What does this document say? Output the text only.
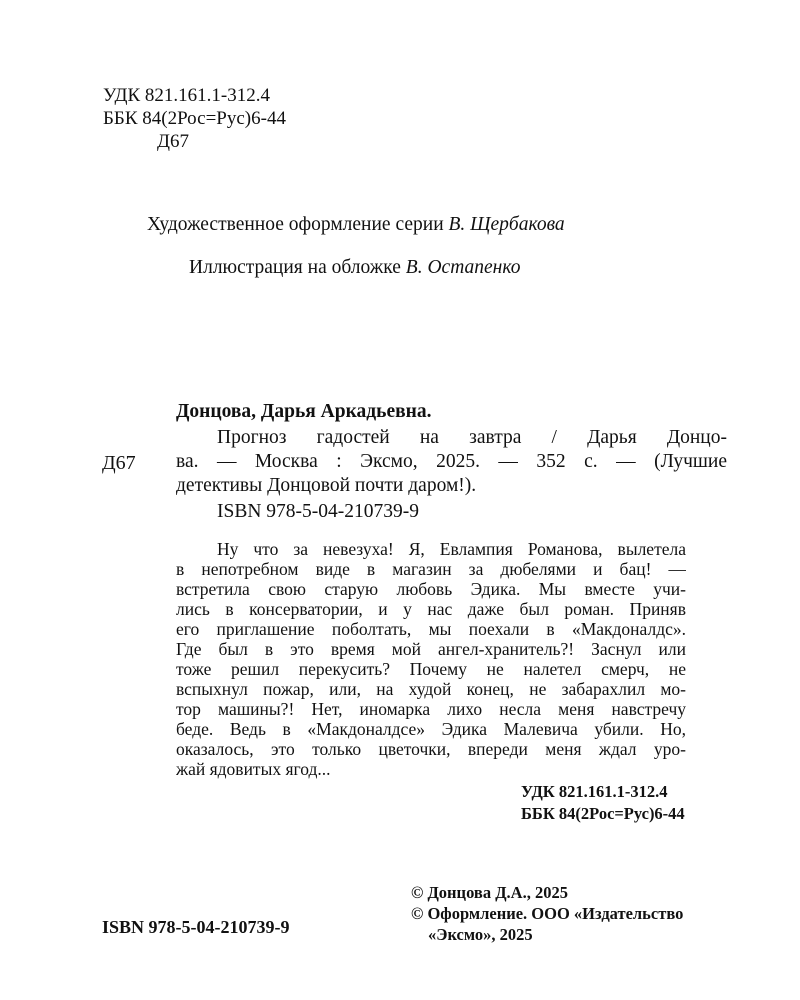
УДК 821.161.1-312.4
ББК 84(2Рос=Рус)6-44
Д67
Художественное оформление серии В. Щербакова
Иллюстрация на обложке В. Остапенко
Донцова, Дарья Аркадьевна.
Д67
Прогноз гадостей на завтра / Дарья Донцо-
ва. — Москва : Эксмо, 2025. — 352 с. — (Лучшие
детективы Донцовой почти даром!).
ISBN 978-5-04-210739-9
Ну что за невезуха! Я, Евлампия Романова, вылетела
в непотребном виде в магазин за дюбелями и бац! —
встретила свою старую любовь Эдика. Мы вместе учи-
лись в консерватории, и у нас даже был роман. Приняв
его приглашение поболтать, мы поехали в «Макдоналдс».
Где был в это время мой ангел-хранитель?! Заснул или
тоже решил перекусить? Почему не налетел смерч, не
вспыхнул пожар, или, на худой конец, не забарахлил мо-
тор машины?! Нет, иномарка лихо несла меня навстречу
беде. Ведь в «Макдоналдсе» Эдика Малевича убили. Но,
оказалось, это только цветочки, впереди меня ждал уро-
жай ядовитых ягод...
УДК 821.161.1-312.4
ББК 84(2Рос=Рус)6-44
ISBN 978-5-04-210739-9
© Донцова Д.А., 2025
© Оформление. ООО «Издательство
«Эксмо», 2025
